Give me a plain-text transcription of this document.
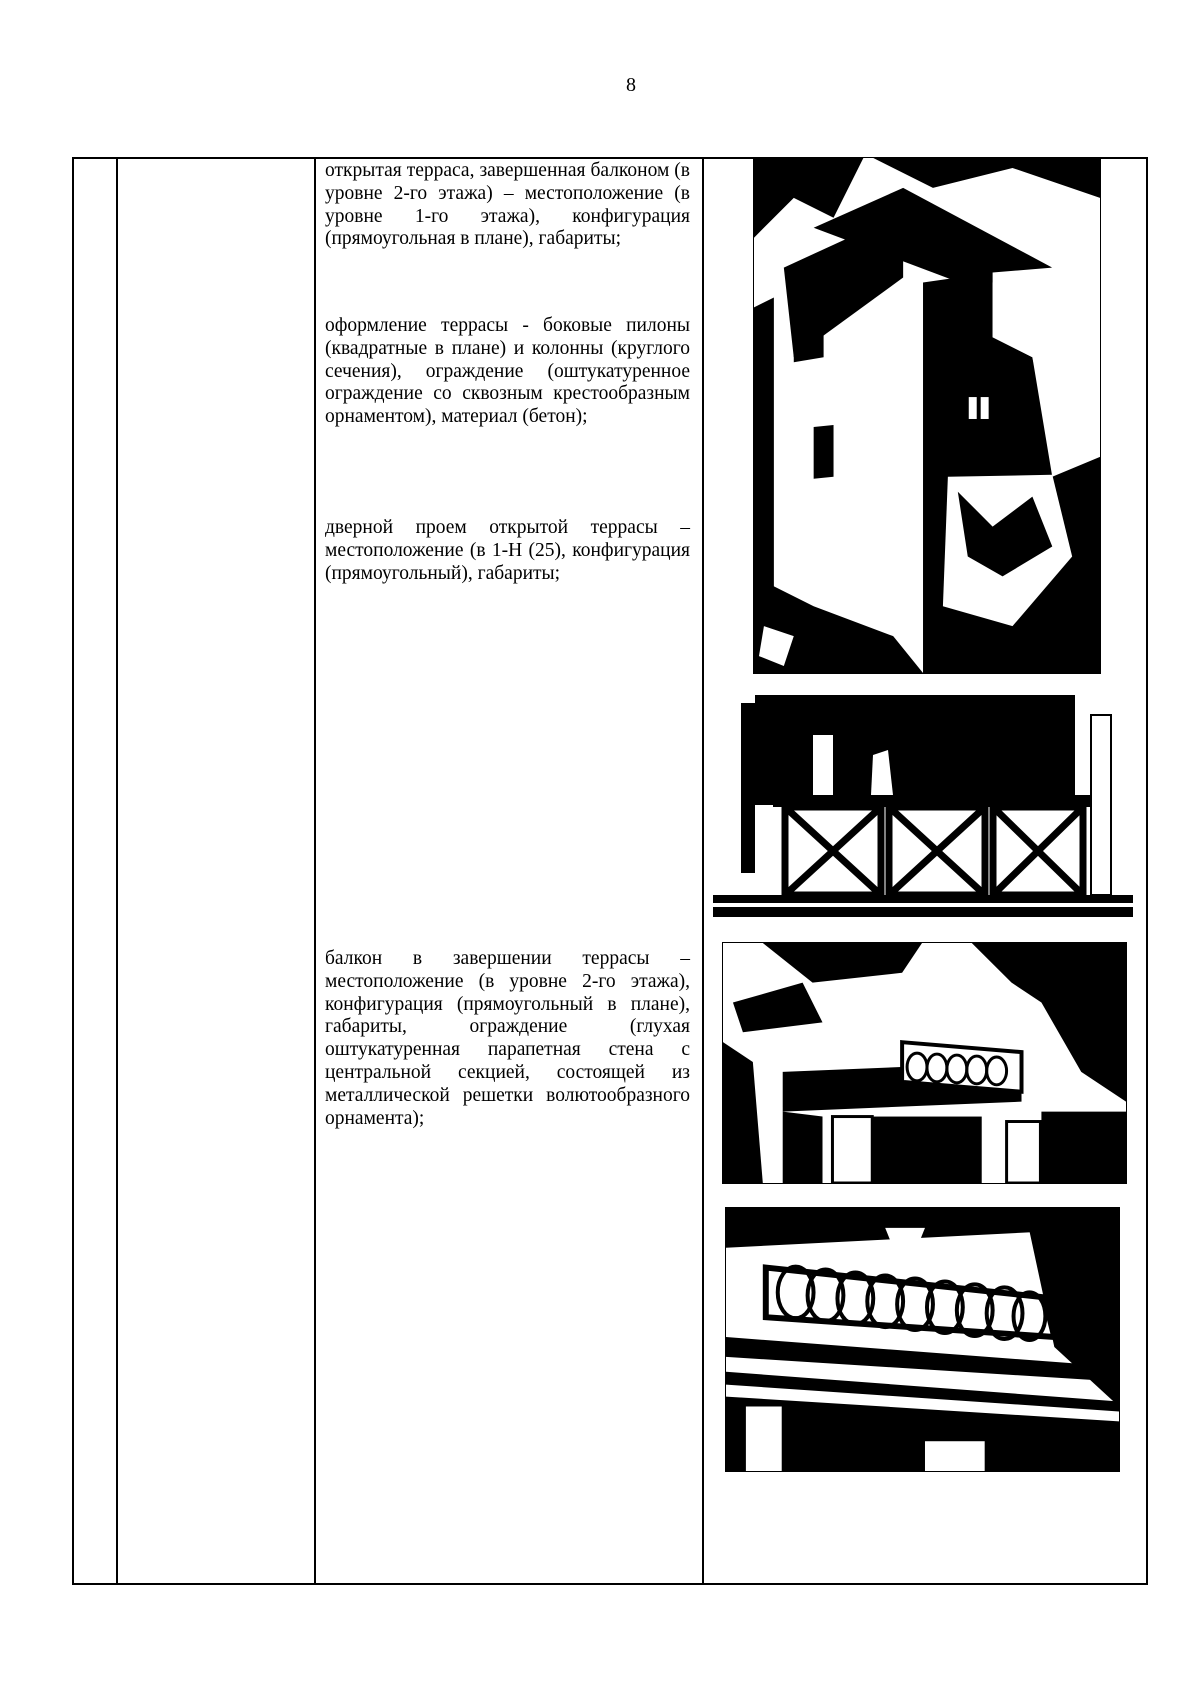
8
открытая терраса, завершенная балконом (в уровне 2-го этажа) – местоположение (в уровне 1-го этажа), конфигурация (прямоугольная в плане), габариты;
оформление террасы - боковые пилоны (квадратные в плане) и колонны (круглого сечения), ограждение (оштукатуренное ограждение со сквозным крестообразным орнаментом), материал (бетон);
дверной проем открытой террасы – местоположение (в 1-Н (25), конфигурация (прямоугольный), габариты;
балкон в завершении террасы – местоположение (в уровне 2-го этажа), конфигурация (прямоугольный в плане), габариты, ограждение (глухая оштукатуренная парапетная стена с центральной секцией, состоящей из металлической решетки волютообразного орнамента);
